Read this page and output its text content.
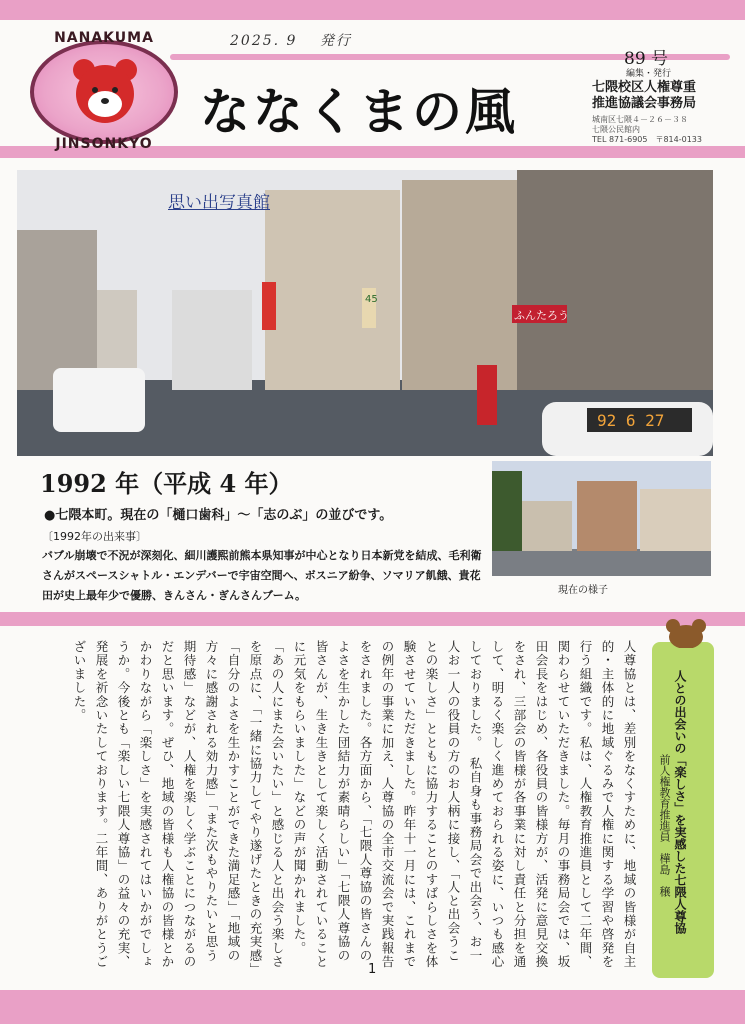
NANAKUMA
JINSONKYO
2025. 9　 発行
ななくまの風
89 号
編集・発行
七隈校区人権尊重
推進協議会事務局
城南区七隈４－２６－３８
七隈公民館内
TEL 871-6905　〒814-0133
45
ふんたろう
92 6 27
思い出写真館
1992 年（平成 4 年）
●七隈本町。現在の「樋口歯科」～「志のぶ」の並びです。
〔1992年の出来事〕
バブル崩壊で不況が深刻化、細川護熙前熊本県知事が中心となり日本新党を結成、毛利衛さんがスペースシャトル・エンデバーで宇宙空間へ、ボスニア紛争、ソマリア飢餓、貴花田が史上最年少で優勝、きんさん・ぎんさんブーム。	現在の様子
人との出会いの「楽しさ」を実感した七隈人尊協
前人権教育推進員　樺島　穣
人尊協とは、差別をなくすために、地域の皆様が自主的・主体的に地域ぐるみで人権に関する学習や啓発を行う組織です。私は、人権教育推進員として二年間、関わらせていただきました。毎月の事務局会では、坂田会長をはじめ、各役員の皆様方が、活発に意見交換をされ、三部会の皆様が各事業に対し責任と分担を通して、明るく楽しく進めておられる姿に、いつも感心しておりました。　私自身も事務局会で出会う、お一人お一人の役員の方のお人柄に接し、「人と出会うことの楽しさ」とともに協力することのすばらしさを体験させていただきました。昨年十一月には、これまでの例年の事業に加え、人尊協の全市交流会で実践報告をされました。各方面から、「七隈人尊協の皆さんのよさを生かした団結力が素晴らしい」「七隈人尊協の皆さんが、生き生きとして楽しく活動されていることに元気をもらいました」などの声が聞かれました。　「あの人にまた会いたい」と感じる人と出会う楽しさを原点に、「一緒に協力してやり遂げたときの充実感」「自分のよさを生かすことができた満足感」「地域の方々に感謝される効力感」「また次もやりたいと思う期待感」などが、人権を楽しく学ぶことにつながるのだと思います。ぜひ、地域の皆様も人権協の皆様とかかわりながら「楽しさ」を実感されてはいかがでしょうか。今後とも「楽しい七隈人尊協」の益々の充実、発展を祈念いたしております。二年間、ありがとうございました。
1
